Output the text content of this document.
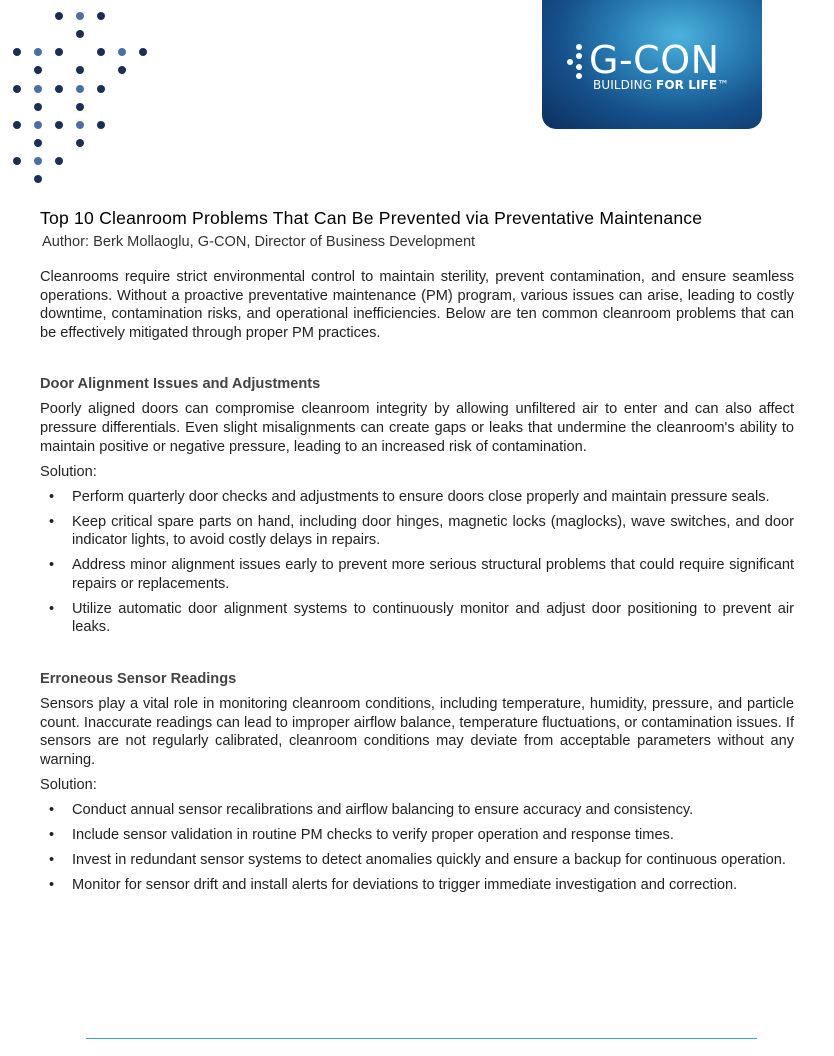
G-CON
BUILDING FOR LIFE™
Top 10 Cleanroom Problems That Can Be Prevented via Preventative Maintenance
Author: Berk Mollaoglu, G-CON, Director of Business Development

Cleanrooms require strict environmental control to maintain sterility, prevent contamination, and ensure seamless operations. Without a proactive preventative maintenance (PM) program, various issues can arise, leading to costly downtime, contamination risks, and operational inefficiencies. Below are ten common cleanroom problems that can be effectively mitigated through proper PM practices.

Door Alignment Issues and Adjustments

Poorly aligned doors can compromise cleanroom integrity by allowing unfiltered air to enter and can also affect pressure differentials. Even slight misalignments can create gaps or leaks that undermine the cleanroom's ability to maintain positive or negative pressure, leading to an increased risk of contamination.

Solution:
• Perform quarterly door checks and adjustments to ensure doors close properly and maintain pressure seals.
• Keep critical spare parts on hand, including door hinges, magnetic locks (maglocks), wave switches, and door indicator lights, to avoid costly delays in repairs.
• Address minor alignment issues early to prevent more serious structural problems that could require significant repairs or replacements.
• Utilize automatic door alignment systems to continuously monitor and adjust door positioning to prevent air leaks.
Erroneous Sensor Readings

Sensors play a vital role in monitoring cleanroom conditions, including temperature, humidity, pressure, and particle count. Inaccurate readings can lead to improper airflow balance, temperature fluctuations, or contamination issues. If sensors are not regularly calibrated, cleanroom conditions may deviate from acceptable parameters without any warning.

Solution:
• Conduct annual sensor recalibrations and airflow balancing to ensure accuracy and consistency.
• Include sensor validation in routine PM checks to verify proper operation and response times.
• Invest in redundant sensor systems to detect anomalies quickly and ensure a backup for continuous operation.
• Monitor for sensor drift and install alerts for deviations to trigger immediate investigation and correction.
